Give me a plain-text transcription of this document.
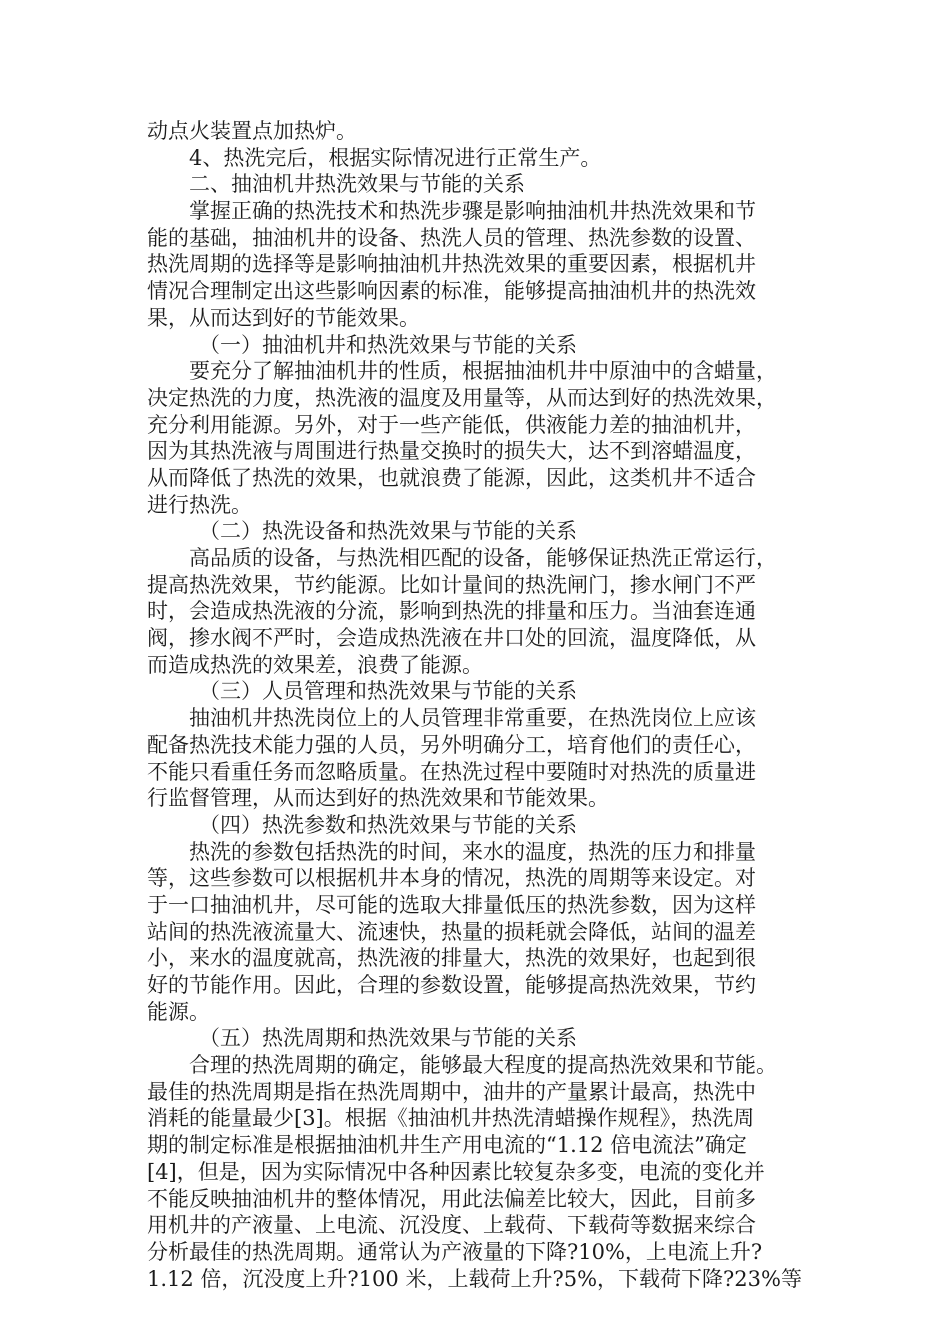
动点火装置点加热炉。
4、热洗完后，根据实际情况进行正常生产。
二、抽油机井热洗效果与节能的关系
掌握正确的热洗技术和热洗步骤是影响抽油机井热洗效果和节
能的基础，抽油机井的设备、热洗人员的管理、热洗参数的设置、
热洗周期的选择等是影响抽油机井热洗效果的重要因素，根据机井
情况合理制定出这些影响因素的标准，能够提高抽油机井的热洗效
果，从而达到好的节能效果。
（一）抽油机井和热洗效果与节能的关系
要充分了解抽油机井的性质，根据抽油机井中原油中的含蜡量，
决定热洗的力度，热洗液的温度及用量等，从而达到好的热洗效果，
充分利用能源。另外，对于一些产能低，供液能力差的抽油机井，
因为其热洗液与周围进行热量交换时的损失大，达不到溶蜡温度，
从而降低了热洗的效果，也就浪费了能源，因此，这类机井不适合
进行热洗。
（二）热洗设备和热洗效果与节能的关系
高品质的设备，与热洗相匹配的设备，能够保证热洗正常运行，
提高热洗效果，节约能源。比如计量间的热洗闸门，掺水闸门不严
时，会造成热洗液的分流，影响到热洗的排量和压力。当油套连通
阀，掺水阀不严时，会造成热洗液在井口处的回流，温度降低，从
而造成热洗的效果差，浪费了能源。
（三）人员管理和热洗效果与节能的关系
抽油机井热洗岗位上的人员管理非常重要，在热洗岗位上应该
配备热洗技术能力强的人员，另外明确分工，培育他们的责任心，
不能只看重任务而忽略质量。在热洗过程中要随时对热洗的质量进
行监督管理，从而达到好的热洗效果和节能效果。
（四）热洗参数和热洗效果与节能的关系
热洗的参数包括热洗的时间，来水的温度，热洗的压力和排量
等，这些参数可以根据机井本身的情况，热洗的周期等来设定。对
于一口抽油机井，尽可能的选取大排量低压的热洗参数，因为这样
站间的热洗液流量大、流速快，热量的损耗就会降低，站间的温差
小，来水的温度就高，热洗液的排量大，热洗的效果好，也起到很
好的节能作用。因此，合理的参数设置，能够提高热洗效果，节约
能源。
（五）热洗周期和热洗效果与节能的关系
合理的热洗周期的确定，能够最大程度的提高热洗效果和节能。
最佳的热洗周期是指在热洗周期中，油井的产量累计最高，热洗中
消耗的能量最少[3]。根据《抽油机井热洗清蜡操作规程》，热洗周
期的制定标准是根据抽油机井生产用电流的“1.12 倍电流法”确定
[4]，但是，因为实际情况中各种因素比较复杂多变，电流的变化并
不能反映抽油机井的整体情况，用此法偏差比较大，因此，目前多
用机井的产液量、上电流、沉没度、上载荷、下载荷等数据来综合
分析最佳的热洗周期。通常认为产液量的下降?10%，上电流上升?
1.12 倍，沉没度上升?100 米，上载荷上升?5%，下载荷下降?23%等
